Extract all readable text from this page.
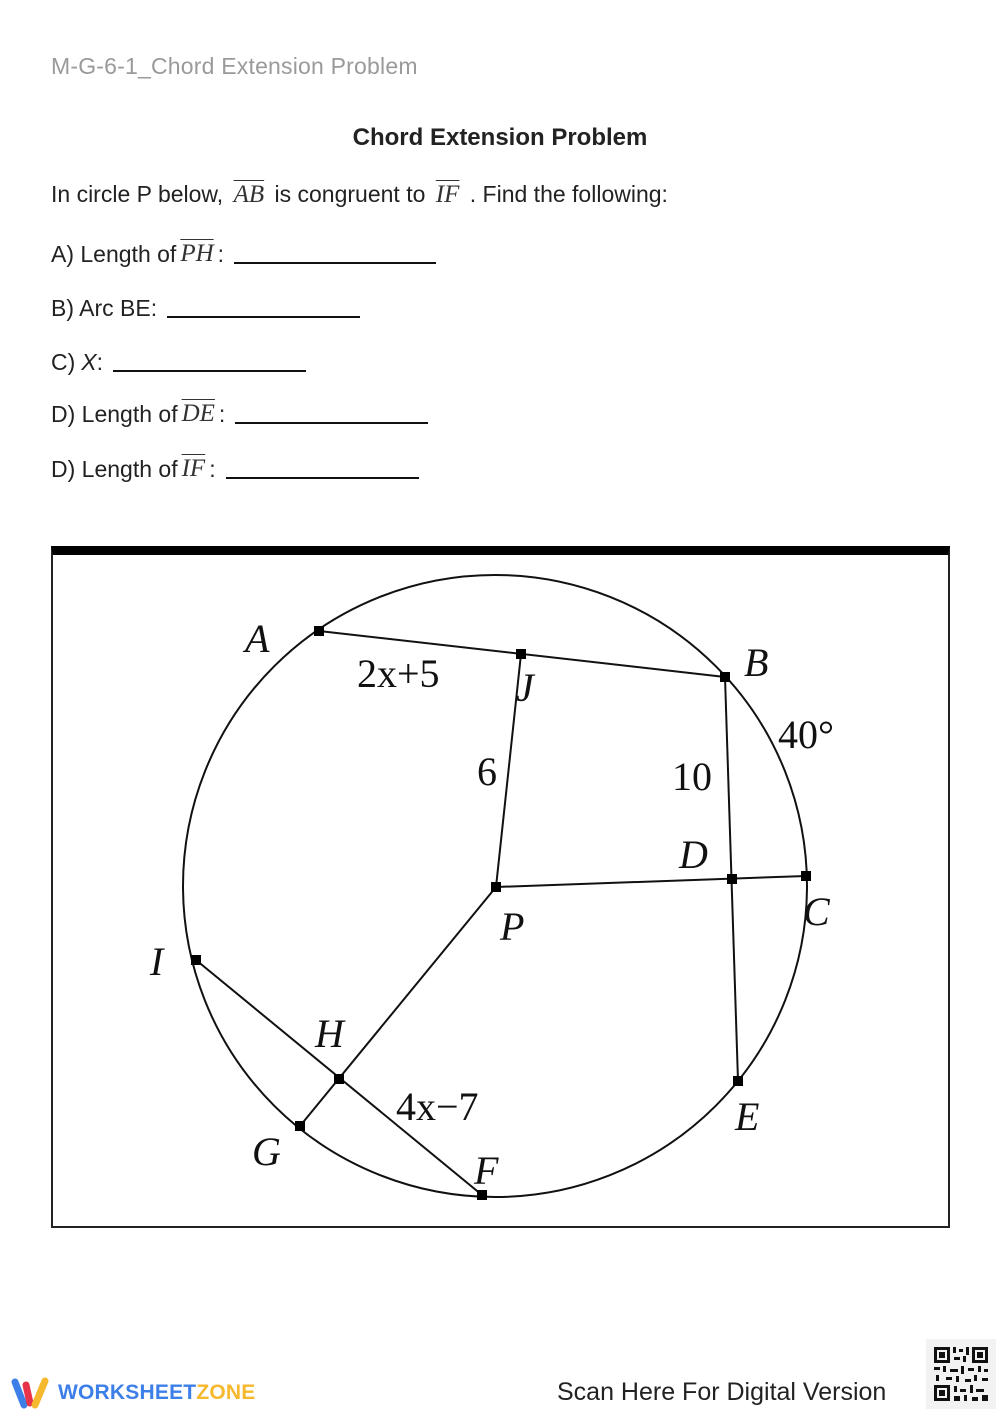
M-G-6-1_Chord Extension Problem
Chord Extension Problem
In circle P below, $\overline{AB}$ is congruent to $\overline{IF}$ . Find the following:
A) Length of $\overline{PH}$ :
B) Arc BE:
C) X :
D) Length of $\overline{DE}$ :
D) Length of $\overline{IF}$ :
A
J
B
D
C
P
I
H
G	F
E
2x+5
6	10
40°
4x−7
WORKSHEETZONE	Scan Here For Digital Version
